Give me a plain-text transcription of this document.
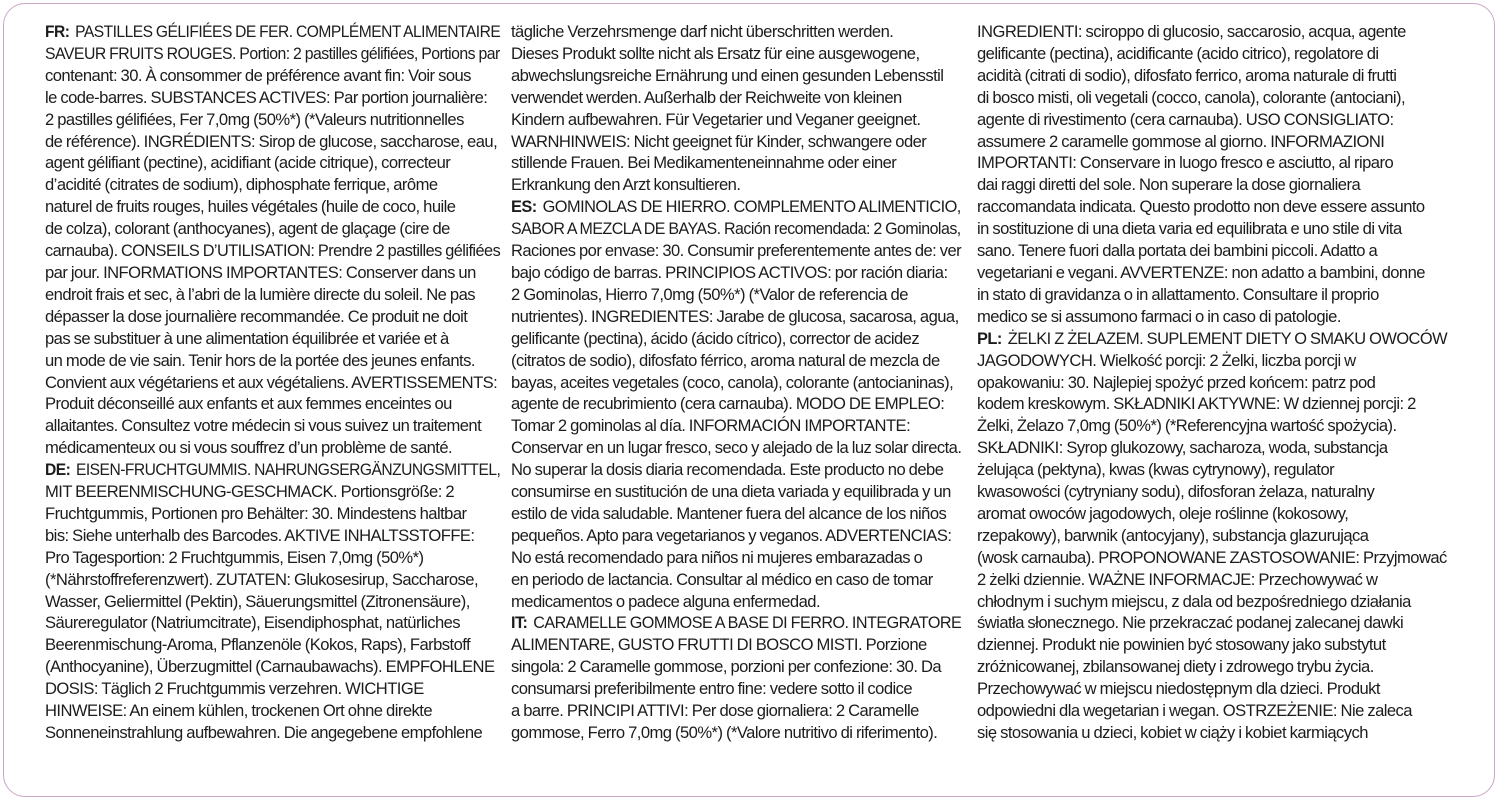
FR: PASTILLES GÉLIFIÉES DE FER. COMPLÉMENT ALIMENTAIRE
SAVEUR FRUITS ROUGES. Portion: 2 pastilles gélifiées, Portions par
contenant: 30. À consommer de préférence avant fin: Voir sous
le code-barres. SUBSTANCES ACTIVES: Par portion journalière:
2 pastilles gélifiées, Fer 7,0mg (50%*) (*Valeurs nutritionnelles
de référence). INGRÉDIENTS: Sirop de glucose, saccharose, eau,
agent gélifiant (pectine), acidifiant (acide citrique), correcteur
d’acidité (citrates de sodium), diphosphate ferrique, arôme
naturel de fruits rouges, huiles végétales (huile de coco, huile
de colza), colorant (anthocyanes), agent de glaçage (cire de
carnauba). CONSEILS D’UTILISATION: Prendre 2 pastilles gélifiées
par jour. INFORMATIONS IMPORTANTES: Conserver dans un
endroit frais et sec, à l’abri de la lumière directe du soleil. Ne pas
dépasser la dose journalière recommandée. Ce produit ne doit
pas se substituer à une alimentation équilibrée et variée et à
un mode de vie sain. Tenir hors de la portée des jeunes enfants.
Convient aux végétariens et aux végétaliens. AVERTISSEMENTS:
Produit déconseillé aux enfants et aux femmes enceintes ou
allaitantes. Consultez votre médecin si vous suivez un traitement
médicamenteux ou si vous souffrez d’un problème de santé.
DE: EISEN-FRUCHTGUMMIS. NAHRUNGSERGÄNZUNGSMITTEL,
MIT BEERENMISCHUNG-GESCHMACK. Portionsgröße: 2
Fruchtgummis, Portionen pro Behälter: 30. Mindestens haltbar
bis: Siehe unterhalb des Barcodes. AKTIVE INHALTSSTOFFE:
Pro Tagesportion: 2 Fruchtgummis, Eisen 7,0mg (50%*)
(*Nährstoffreferenzwert). ZUTATEN: Glukosesirup, Saccharose,
Wasser, Geliermittel (Pektin), Säuerungsmittel (Zitronensäure),
Säureregulator (Natriumcitrate), Eisendiphosphat, natürliches
Beerenmischung-Aroma, Pflanzenöle (Kokos, Raps), Farbstoff
(Anthocyanine), Überzugmittel (Carnaubawachs). EMPFOHLENE
DOSIS: Täglich 2 Fruchtgummis verzehren. WICHTIGE
HINWEISE: An einem kühlen, trockenen Ort ohne direkte
Sonneneinstrahlung aufbewahren. Die angegebene empfohlene
tägliche Verzehrsmenge darf nicht überschritten werden.
Dieses Produkt sollte nicht als Ersatz für eine ausgewogene,
abwechslungsreiche Ernährung und einen gesunden Lebensstil
verwendet werden. Außerhalb der Reichweite von kleinen
Kindern aufbewahren. Für Vegetarier und Veganer geeignet.
WARNHINWEIS: Nicht geeignet für Kinder, schwangere oder
stillende Frauen. Bei Medikamenteneinnahme oder einer
Erkrankung den Arzt konsultieren.
ES: GOMINOLAS DE HIERRO. COMPLEMENTO ALIMENTICIO,
SABOR A MEZCLA DE BAYAS. Ración recomendada: 2 Gominolas,
Raciones por envase: 30. Consumir preferentemente antes de: ver
bajo código de barras. PRINCIPIOS ACTIVOS: por ración diaria:
2 Gominolas, Hierro 7,0mg (50%*) (*Valor de referencia de
nutrientes). INGREDIENTES: Jarabe de glucosa, sacarosa, agua,
gelificante (pectina), ácido (ácido cítrico), corrector de acidez
(citratos de sodio), difosfato férrico, aroma natural de mezcla de
bayas, aceites vegetales (coco, canola), colorante (antocianinas),
agente de recubrimiento (cera carnauba). MODO DE EMPLEO:
Tomar 2 gominolas al día. INFORMACIÓN IMPORTANTE:
Conservar en un lugar fresco, seco y alejado de la luz solar directa.
No superar la dosis diaria recomendada. Este producto no debe
consumirse en sustitución de una dieta variada y equilibrada y un
estilo de vida saludable. Mantener fuera del alcance de los niños
pequeños. Apto para vegetarianos y veganos. ADVERTENCIAS:
No está recomendado para niños ni mujeres embarazadas o
en periodo de lactancia. Consultar al médico en caso de tomar
medicamentos o padece alguna enfermedad.
IT: CARAMELLE GOMMOSE A BASE DI FERRO. INTEGRATORE
ALIMENTARE, GUSTO FRUTTI DI BOSCO MISTI. Porzione
singola: 2 Caramelle gommose, porzioni per confezione: 30. Da
consumarsi preferibilmente entro fine: vedere sotto il codice
a barre. PRINCIPI ATTIVI: Per dose giornaliera: 2 Caramelle
gommose, Ferro 7,0mg (50%*) (*Valore nutritivo di riferimento).
INGREDIENTI: sciroppo di glucosio, saccarosio, acqua, agente
gelificante (pectina), acidificante (acido citrico), regolatore di
acidità (citrati di sodio), difosfato ferrico, aroma naturale di frutti
di bosco misti, oli vegetali (cocco, canola), colorante (antociani),
agente di rivestimento (cera carnauba). USO CONSIGLIATO:
assumere 2 caramelle gommose al giorno. INFORMAZIONI
IMPORTANTI: Conservare in luogo fresco e asciutto, al riparo
dai raggi diretti del sole. Non superare la dose giornaliera
raccomandata indicata. Questo prodotto non deve essere assunto
in sostituzione di una dieta varia ed equilibrata e uno stile di vita
sano. Tenere fuori dalla portata dei bambini piccoli. Adatto a
vegetariani e vegani. AVVERTENZE: non adatto a bambini, donne
in stato di gravidanza o in allattamento. Consultare il proprio
medico se si assumono farmaci o in caso di patologie.
PL: ŻELKI Z ŻELAZEM. SUPLEMENT DIETY O SMAKU OWOCÓW
JAGODOWYCH. Wielkość porcji: 2 Żelki, liczba porcji w
opakowaniu: 30. Najlepiej spożyć przed końcem: patrz pod
kodem kreskowym. SKŁADNIKI AKTYWNE: W dziennej porcji: 2
Żelki, Żelazo 7,0mg (50%*) (*Referencyjna wartość spożycia).
SKŁADNIKI: Syrop glukozowy, sacharoza, woda, substancja
żelująca (pektyna), kwas (kwas cytrynowy), regulator
kwasowości (cytryniany sodu), difosforan żelaza, naturalny
aromat owoców jagodowych, oleje roślinne (kokosowy,
rzepakowy), barwnik (antocyjany), substancja glazurująca
(wosk carnauba). PROPONOWANE ZASTOSOWANIE: Przyjmować
2 żelki dziennie. WAŻNE INFORMACJE: Przechowywać w
chłodnym i suchym miejscu, z dala od bezpośredniego działania
światła słonecznego. Nie przekraczać podanej zalecanej dawki
dziennej. Produkt nie powinien być stosowany jako substytut
zróżnicowanej, zbilansowanej diety i zdrowego trybu życia.
Przechowywać w miejscu niedostępnym dla dzieci. Produkt
odpowiedni dla wegetarian i wegan. OSTRZEŻENIE: Nie zaleca
się stosowania u dzieci, kobiet w ciąży i kobiet karmiących
